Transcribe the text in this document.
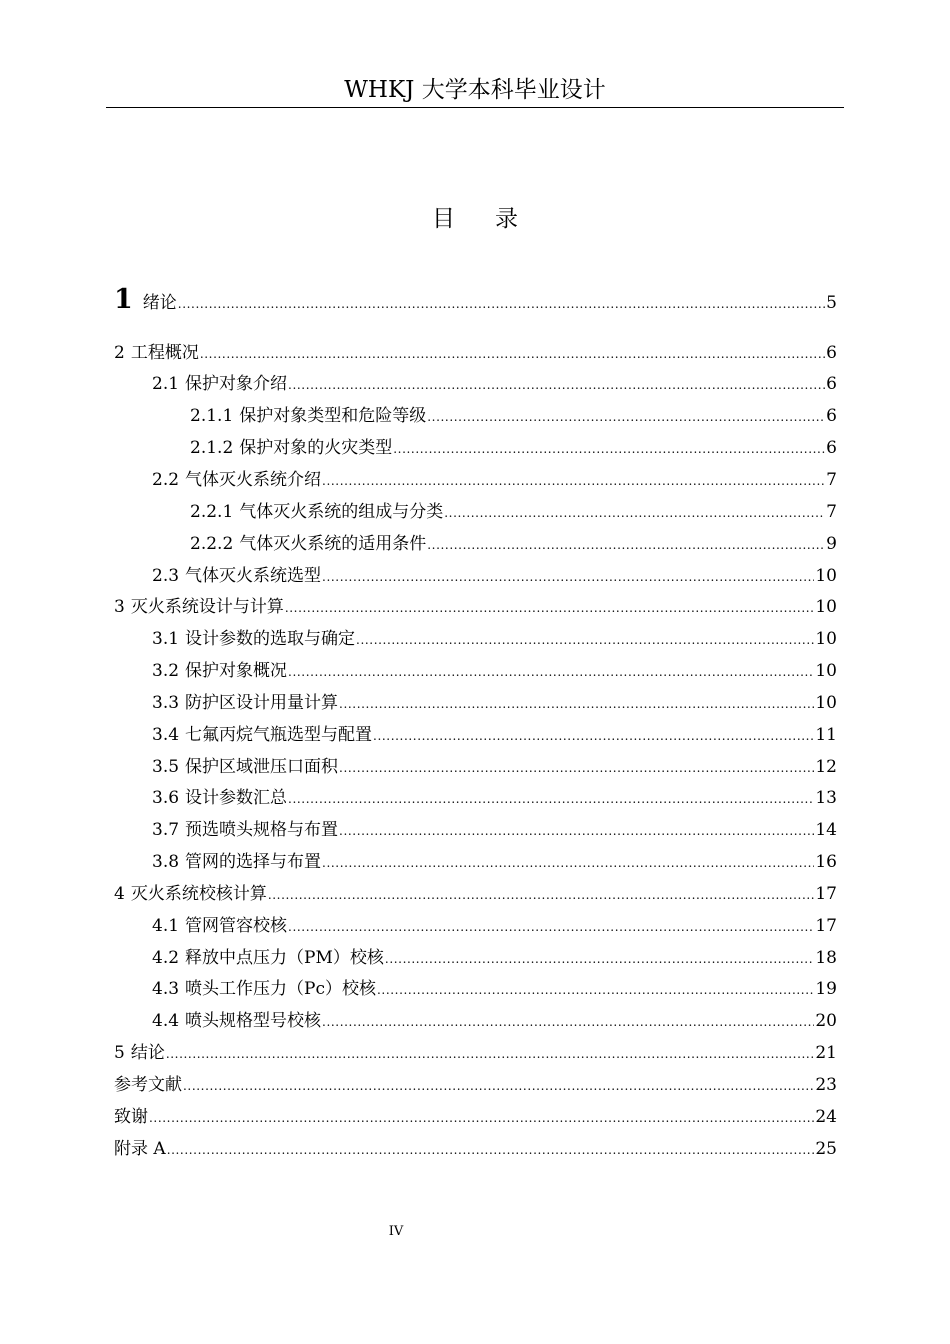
WHKJ 大学本科毕业设计
目 录
1 绪论 .....	5
2 工程概况 .....	6
2.1 保护对象介绍 .....	6
2.1.1 保护对象类型和危险等级 .....	6
2.1.2 保护对象的火灾类型 .....	6
2.2 气体灭火系统介绍 .....	7
2.2.1 气体灭火系统的组成与分类 .....	7
2.2.2 气体灭火系统的适用条件 .....	9
2.3 气体灭火系统选型 .....	10
3 灭火系统设计与计算 .....	10
3.1 设计参数的选取与确定 .....	10
3.2 保护对象概况 .....	10
3.3 防护区设计用量计算 .....	10
3.4 七氟丙烷气瓶选型与配置 .....	11
3.5 保护区域泄压口面积 .....	12
3.6 设计参数汇总 .....	13
3.7 预选喷头规格与布置 .....	14
3.8 管网的选择与布置 .....	16
4 灭火系统校核计算 .....	17
4.1 管网管容校核 .....	17
4.2 释放中点压力（PM）校核 .....	18
4.3 喷头工作压力（Pc）校核 .....	19
4.4 喷头规格型号校核 .....	20
5 结论 .....	21
参考文献 .....	23
致谢 .....	24
附录 A .....	25
IV
